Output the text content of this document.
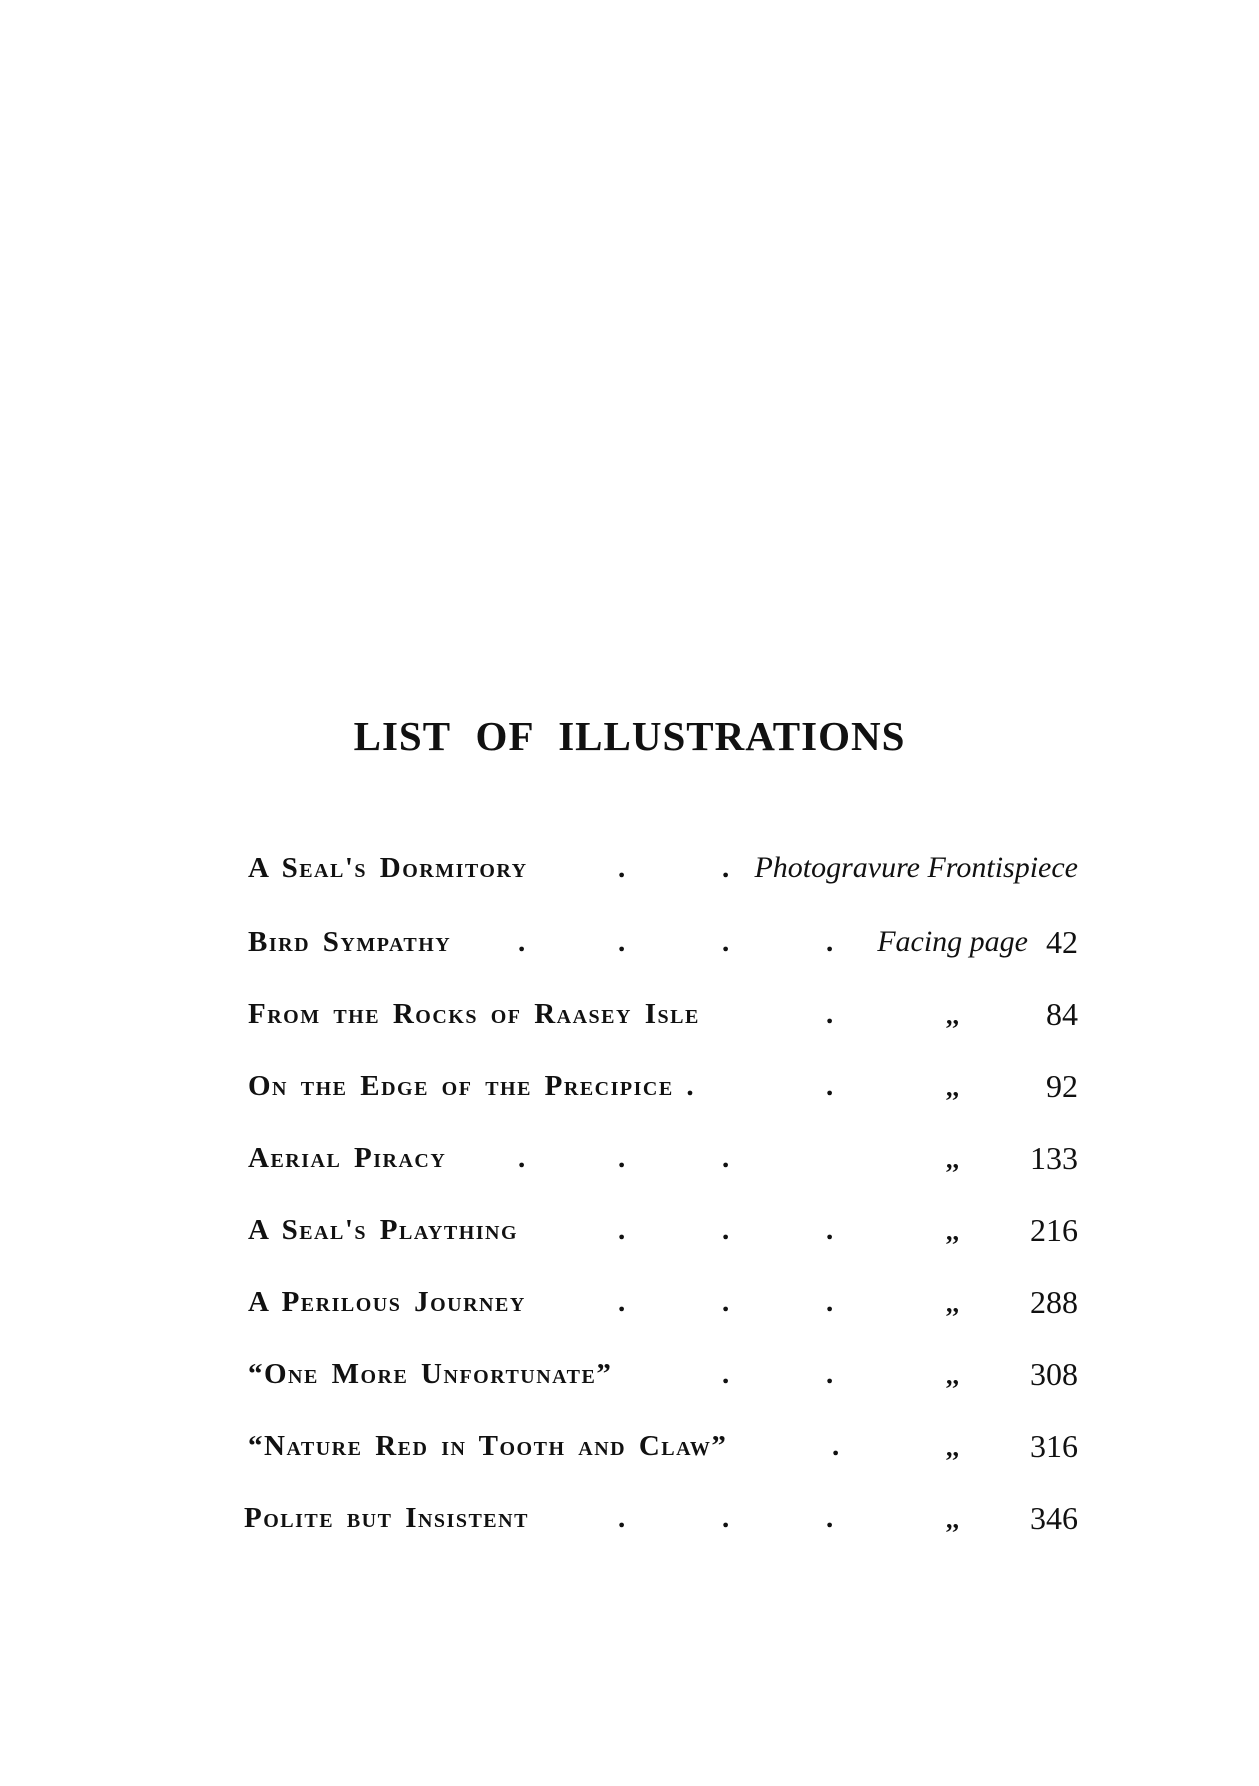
LIST OF ILLUSTRATIONS
A Seal's Dormitory	.	. Photogravure Frontispiece
Bird Sympathy .	.	.	. Facing page 42
From the Rocks of Raasey Isle	.	,,	84
On the Edge of the Precipice .	.	,,	92
Aerial Piracy .	.	.	,, 133
A Seal's Plaything	.	.	.	,, 216
A Perilous Journey	.	.	.	,, 288
“One More Unfortunate”	.	.	,, 308
“Nature Red in Tooth and Claw”	.	,, 316
Polite but Insistent	.	.	.	,, 346
